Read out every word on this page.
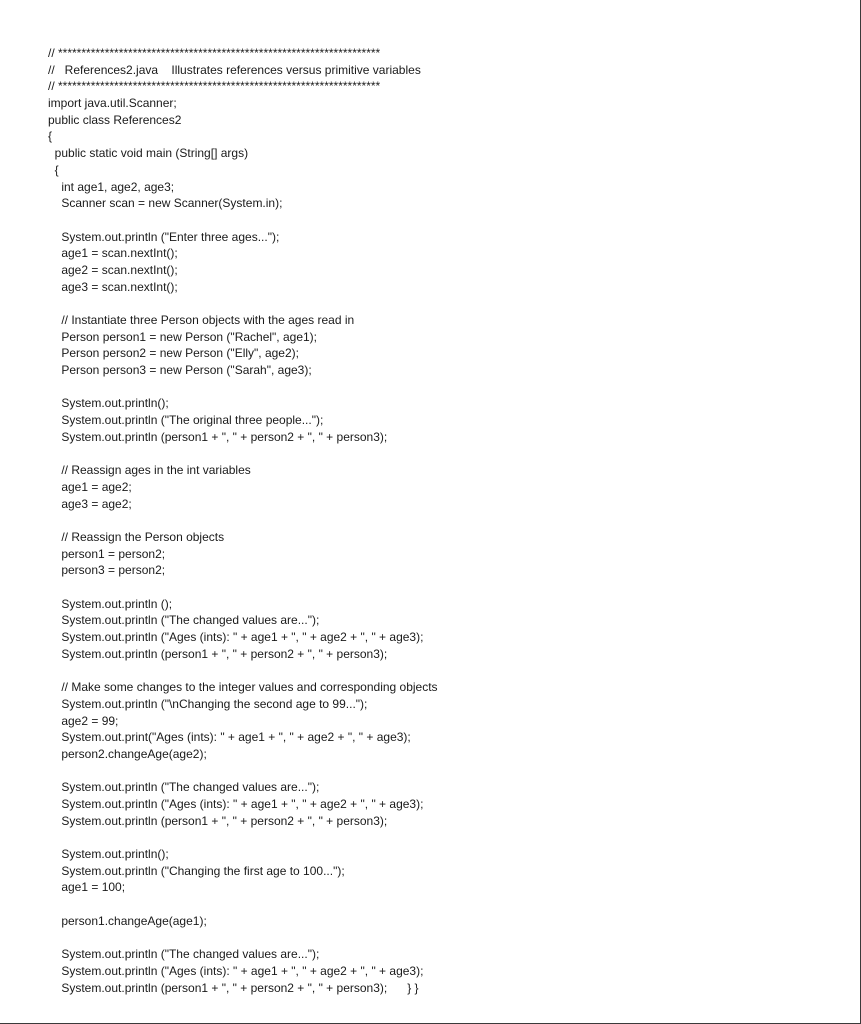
// *********************************************************************
//   References2.java    Illustrates references versus primitive variables
// *********************************************************************
import java.util.Scanner;
public class References2
{
public static void main (String[] args)
{
int age1, age2, age3;
Scanner scan = new Scanner(System.in);
System.out.println ("Enter three ages...");
age1 = scan.nextInt();
age2 = scan.nextInt();
age3 = scan.nextInt();
// Instantiate three Person objects with the ages read in
Person person1 = new Person ("Rachel", age1);
Person person2 = new Person ("Elly", age2);
Person person3 = new Person ("Sarah", age3);
System.out.println();
System.out.println ("The original three people...");
System.out.println (person1 + ", " + person2 + ", " + person3);
// Reassign ages in the int variables
age1 = age2;
age3 = age2;
// Reassign the Person objects
person1 = person2;
person3 = person2;
System.out.println ();
System.out.println ("The changed values are...");
System.out.println ("Ages (ints): " + age1 + ", " + age2 + ", " + age3);
System.out.println (person1 + ", " + person2 + ", " + person3);
// Make some changes to the integer values and corresponding objects
System.out.println ("\nChanging the second age to 99...");
age2 = 99;
System.out.print("Ages (ints): " + age1 + ", " + age2 + ", " + age3);
person2.changeAge(age2);
System.out.println ("The changed values are...");
System.out.println ("Ages (ints): " + age1 + ", " + age2 + ", " + age3);
System.out.println (person1 + ", " + person2 + ", " + person3);
System.out.println();
System.out.println ("Changing the first age to 100...");
age1 = 100;
person1.changeAge(age1);
System.out.println ("The changed values are...");
System.out.println ("Ages (ints): " + age1 + ", " + age2 + ", " + age3);
System.out.println (person1 + ", " + person2 + ", " + person3);      } }
